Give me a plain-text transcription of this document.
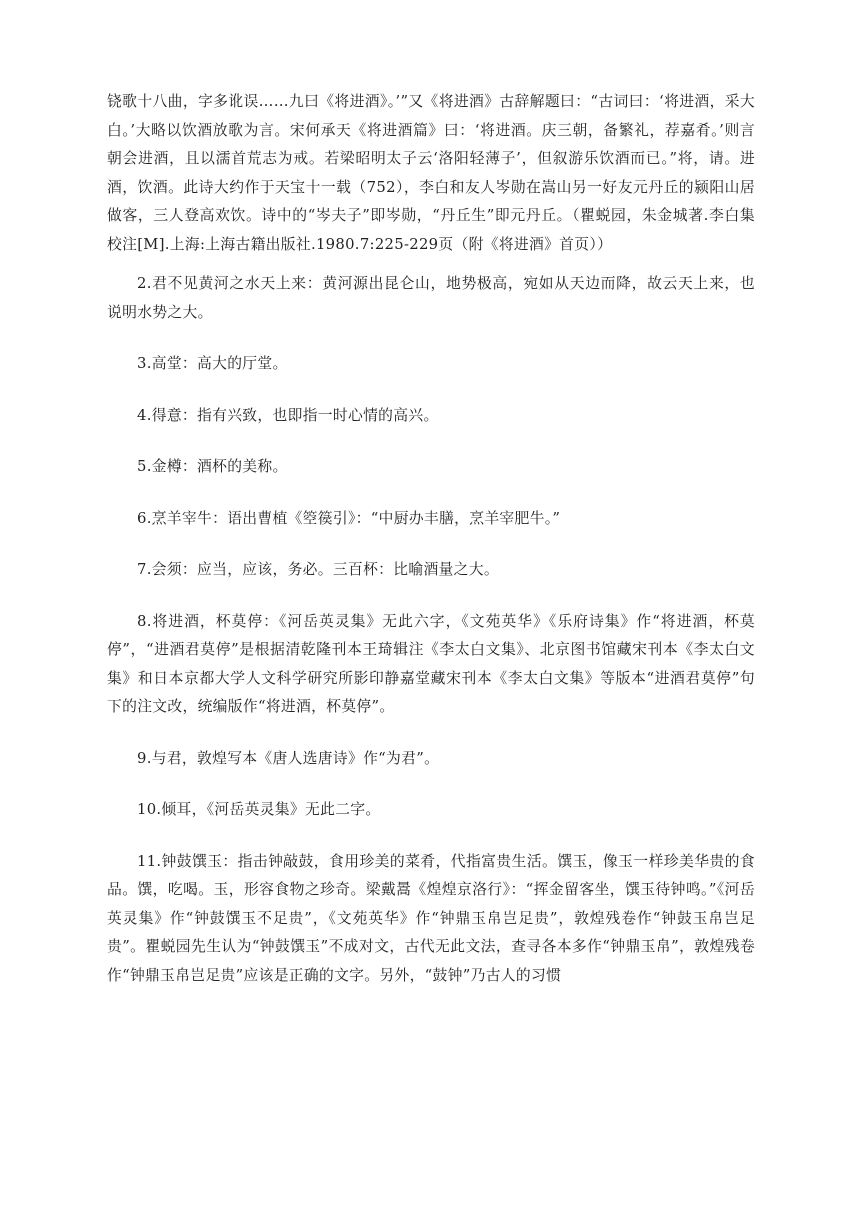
铙歌十八曲，字多讹误……九曰《将进酒》。’”又《将进酒》古辞解题曰：“古词曰：‘将进酒，采大白。’大略以饮酒放歌为言。宋何承天《将进酒篇》曰：‘将进酒。庆三朝，备繁礼，荐嘉肴。’则言朝会进酒，且以濡首荒志为戒。若梁昭明太子云‘洛阳轻薄子’，但叙游乐饮酒而已。”将，请。进酒，饮酒。此诗大约作于天宝十一载（752），李白和友人岑勋在嵩山另一好友元丹丘的颍阳山居做客，三人登高欢饮。诗中的“岑夫子”即岑勋，“丹丘生”即元丹丘。（瞿蜕园，朱金城著.李白集校注[M].上海:上海古籍出版社.1980.7:225-229页（附《将进酒》首页））

2.君不见黄河之水天上来：黄河源出昆仑山，地势极高，宛如从天边而降，故云天上来，也说明水势之大。

3.高堂：高大的厅堂。

4.得意：指有兴致，也即指一时心情的高兴。

5.金樽：酒杯的美称。

6.烹羊宰牛：语出曹植《箜篌引》：“中厨办丰膳，烹羊宰肥牛。”

7.会须：应当，应该，务必。三百杯：比喻酒量之大。

8.将进酒，杯莫停：《河岳英灵集》无此六字，《文苑英华》《乐府诗集》作“将进酒，杯莫停”，“进酒君莫停”是根据清乾隆刊本王琦辑注《李太白文集》、北京图书馆藏宋刊本《李太白文集》和日本京都大学人文科学研究所影印静嘉堂藏宋刊本《李太白文集》等版本“进酒君莫停”句下的注文改，统编版作“将进酒，杯莫停”。

9.与君，敦煌写本《唐人选唐诗》作“为君”。

10.倾耳，《河岳英灵集》无此二字。

11.钟鼓馔玉：指击钟敲鼓，食用珍美的菜肴，代指富贵生活。馔玉，像玉一样珍美华贵的食品。馔，吃喝。玉，形容食物之珍奇。梁戴暠《煌煌京洛行》：“挥金留客坐，馔玉待钟鸣。”《河岳英灵集》作“钟鼓馔玉不足贵”，《文苑英华》作“钟鼎玉帛岂足贵”，敦煌残卷作“钟鼓玉帛岂足贵”。瞿蜕园先生认为“钟鼓馔玉”不成对文，古代无此文法，查寻各本多作“钟鼎玉帛”，敦煌残卷作“钟鼎玉帛岂足贵”应该是正确的文字。另外，“鼓钟”乃古人的习惯
